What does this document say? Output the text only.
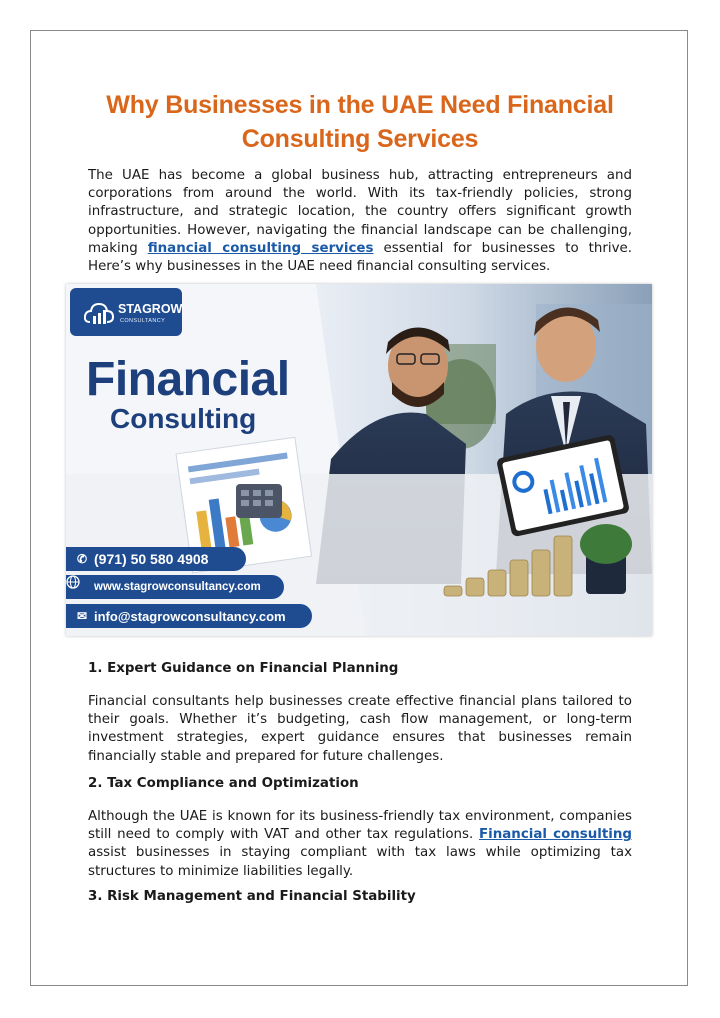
Why Businesses in the UAE Need Financial Consulting Services

The UAE has become a global business hub, attracting entrepreneurs and corporations from around the world. With its tax-friendly policies, strong infrastructure, and strategic location, the country offers significant growth opportunities. However, navigating the financial landscape can be challenging, making financial consulting services essential for businesses to thrive. Here’s why businesses in the UAE need financial consulting services.

STAGROW
CONSULTANCY
Financial
Consulting
✆ (971) 50 580 4908
www.stagrowconsultancy.com
✉ info@stagrowconsultancy.com
1. Expert Guidance on Financial Planning

Financial consultants help businesses create effective financial plans tailored to their goals. Whether it’s budgeting, cash flow management, or long-term investment strategies, expert guidance ensures that businesses remain financially stable and prepared for future challenges.

2. Tax Compliance and Optimization

Although the UAE is known for its business-friendly tax environment, companies still need to comply with VAT and other tax regulations. Financial consulting assist businesses in staying compliant with tax laws while optimizing tax structures to minimize liabilities legally.

3. Risk Management and Financial Stability
